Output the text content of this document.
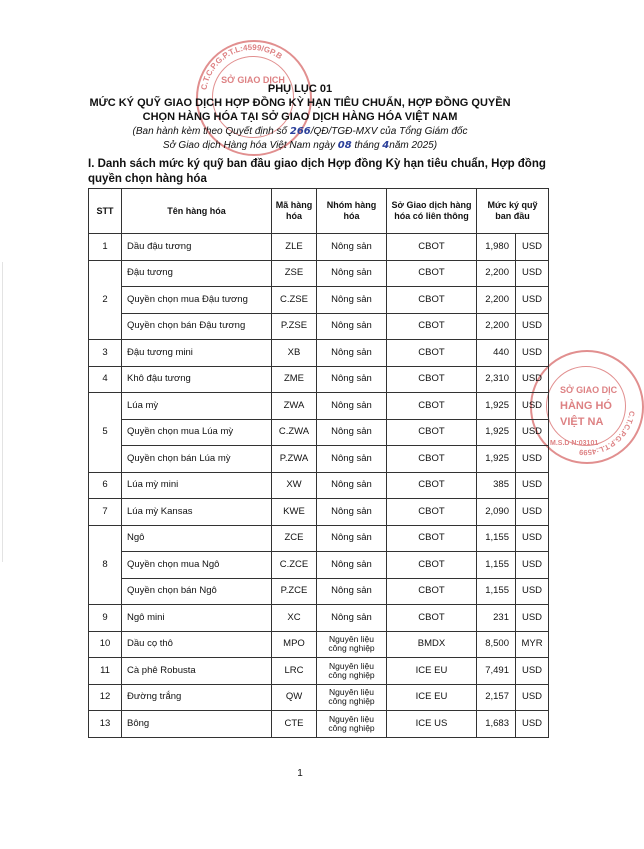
C.T.C.P.G.P.T.L:4599/GP.B
SỞ GIAO DỊCH
C.T.C.P.G.P.T.L:4599
SỞ GIAO DỊC
HÀNG HÓ
VIỆT NA
M.S.D N:03101
PHỤ LỤC 01
MỨC KÝ QUỸ GIAO DỊCH HỢP ĐỒNG KỲ HẠN TIÊU CHUẨN, HỢP ĐỒNG QUYỀN
CHỌN HÀNG HÓA TẠI SỞ GIAO DỊCH HÀNG HÓA VIỆT NAM
(Ban hành kèm theo Quyết định số 266/QĐ/TGĐ-MXV của Tổng Giám đốc
Sở Giao dịch Hàng hóa Việt Nam ngày 08 tháng 4năm 2025)
I. Danh sách mức ký quỹ ban đầu giao dịch Hợp đồng Kỳ hạn tiêu chuẩn, Hợp đồng quyền chọn hàng hóa
STT	Tên hàng hóa	Mã hàng hóa	Nhóm hàng hóa	Sở Giao dịch hàng hóa có liên thông	Mức ký quỹ ban đầu	
1	Dầu đậu tương	ZLE	Nông sản	CBOT	1,980	USD
2	Đậu tương	ZSE	Nông sản	CBOT	2,200	USD
	Quyền chọn mua Đậu tương	C.ZSE	Nông sản	CBOT	2,200	USD
	Quyền chọn bán Đậu tương	P.ZSE	Nông sản	CBOT	2,200	USD
3	Đậu tương mini	XB	Nông sản	CBOT	440	USD
4	Khô đậu tương	ZME	Nông sản	CBOT	2,310	USD
5	Lúa mỳ	ZWA	Nông sản	CBOT	1,925	USD
	Quyền chọn mua Lúa mỳ	C.ZWA	Nông sản	CBOT	1,925	USD
	Quyền chọn bán Lúa mỳ	P.ZWA	Nông sản	CBOT	1,925	USD
6	Lúa mỳ mini	XW	Nông sản	CBOT	385	USD
7	Lúa mỳ Kansas	KWE	Nông sản	CBOT	2,090	USD
8	Ngô	ZCE	Nông sản	CBOT	1,155	USD
	Quyền chọn mua Ngô	C.ZCE	Nông sản	CBOT	1,155	USD
	Quyền chọn bán Ngô	P.ZCE	Nông sản	CBOT	1,155	USD
9	Ngô mini	XC	Nông sản	CBOT	231	USD
10	Dầu cọ thô	MPO	Nguyên liệu công nghiệp	BMDX	8,500	MYR
11	Cà phê Robusta	LRC	Nguyên liệu công nghiệp	ICE EU	7,491	USD
12	Đường trắng	QW	Nguyên liệu công nghiệp	ICE EU	2,157	USD
13	Bông	CTE	Nguyên liệu công nghiệp	ICE US	1,683	USD
1
